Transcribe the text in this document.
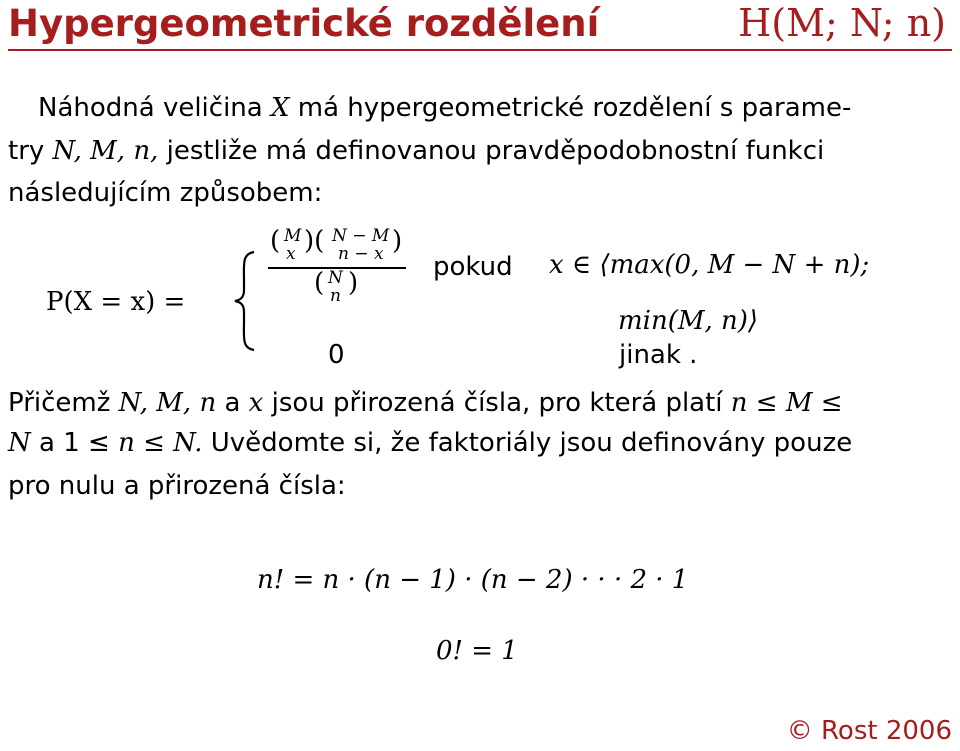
Hypergeometrické rozdělení	H(M; N; n)
Náhodná veličina X má hypergeometrické rozdělení s parame-
try N, M, n, jestliže má definovanou pravděpodobnostní funkci
následujícím způsobem:
P(X = x) =
( M
x )( N − M
n − x )
( N
n )
pokud x ∈ ⟨max(0, M − N + n);
min(M, n)⟩
0	jinak .
Přičemž N, M, n a x jsou přirozená čísla, pro která platí n ≤ M ≤
N a 1 ≤ n ≤ N. Uvědomte si, že faktoriály jsou definovány pouze
pro nulu a přirozená čísla:
n! = n · (n − 1) · (n − 2) · · · 2 · 1
0! = 1
© Rost 2006
